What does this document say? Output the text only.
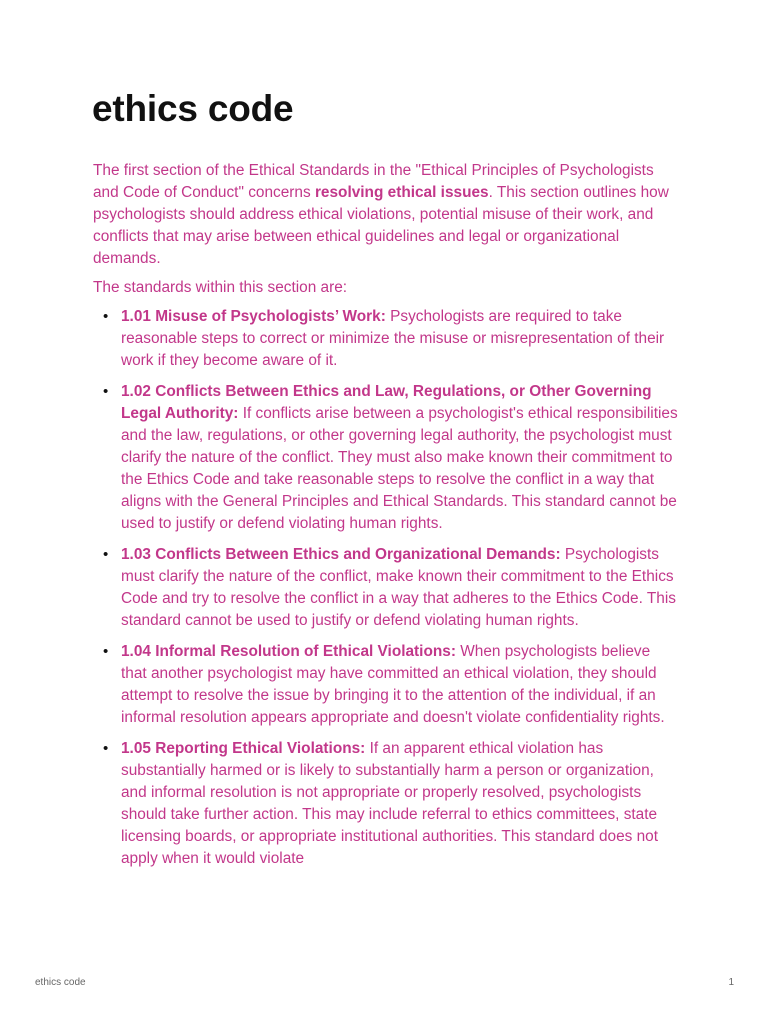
ethics code

The first section of the Ethical Standards in the "Ethical Principles of Psychologists and Code of Conduct" concerns resolving ethical issues. This section outlines how psychologists should address ethical violations, potential misuse of their work, and conflicts that may arise between ethical guidelines and legal or organizational demands.

The standards within this section are:

• 1.01 Misuse of Psychologists’ Work: Psychologists are required to take reasonable steps to correct or minimize the misuse or misrepresentation of their work if they become aware of it.
• 1.02 Conflicts Between Ethics and Law, Regulations, or Other Governing Legal Authority: If conflicts arise between a psychologist's ethical responsibilities and the law, regulations, or other governing legal authority, the psychologist must clarify the nature of the conflict. They must also make known their commitment to the Ethics Code and take reasonable steps to resolve the conflict in a way that aligns with the General Principles and Ethical Standards. This standard cannot be used to justify or defend violating human rights.
• 1.03 Conflicts Between Ethics and Organizational Demands: Psychologists must clarify the nature of the conflict, make known their commitment to the Ethics Code and try to resolve the conflict in a way that adheres to the Ethics Code. This standard cannot be used to justify or defend violating human rights.
• 1.04 Informal Resolution of Ethical Violations: When psychologists believe that another psychologist may have committed an ethical violation, they should attempt to resolve the issue by bringing it to the attention of the individual, if an informal resolution appears appropriate and doesn't violate confidentiality rights.
• 1.05 Reporting Ethical Violations: If an apparent ethical violation has substantially harmed or is likely to substantially harm a person or organization, and informal resolution is not appropriate or properly resolved, psychologists should take further action. This may include referral to ethics committees, state licensing boards, or appropriate institutional authorities. This standard does not apply when it would violate
ethics code	1
